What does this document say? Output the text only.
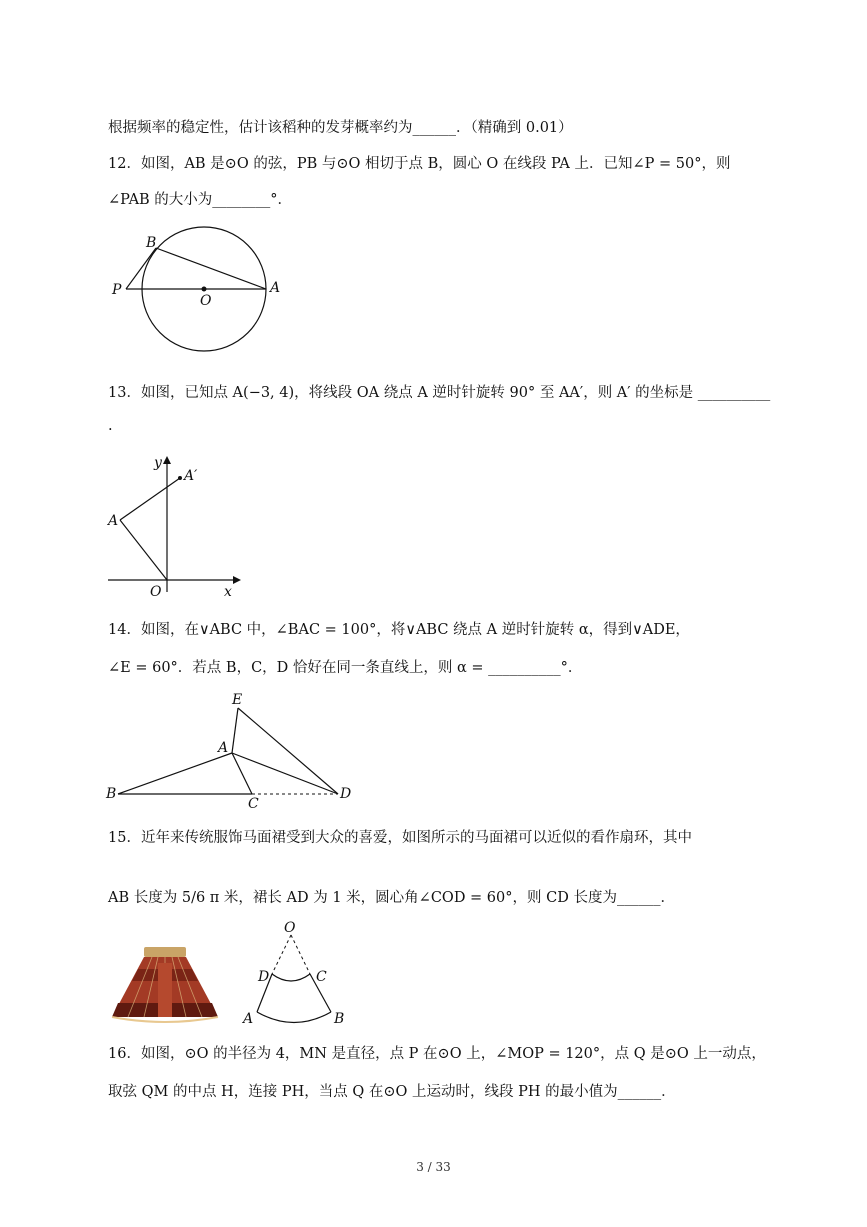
根据频率的稳定性，估计该稻种的发芽概率约为______．（精确到 0.01）
12．如图，AB 是⊙O 的弦，PB 与⊙O 相切于点 B，圆心 O 在线段 PA 上．已知∠P = 50°，则
∠PAB 的大小为________°．
B
P
O
A
13．如图，已知点 A(−3, 4)，将线段 OA 绕点 A 逆时针旋转 90° 至 AA′，则 A′ 的坐标是 __________
.
y
A′
A
O	x
14．如图，在∨ABC 中，∠BAC = 100°，将∨ABC 绕点 A 逆时针旋转 α，得到∨ADE，
∠E = 60°．若点 B，C，D 恰好在同一条直线上，则 α = __________°．
E
A
B
C
D
15．近年来传统服饰马面裙受到大众的喜爱，如图所示的马面裙可以近似的看作扇环，其中
AB 长度为 5/6 π 米，裙长 AD 为 1 米，圆心角∠COD = 60°，则 CD 长度为______．
O
D	C
A	B
16．如图，⊙O 的半径为 4，MN 是直径，点 P 在⊙O 上，∠MOP = 120°，点 Q 是⊙O 上一动点，
取弦 QM 的中点 H，连接 PH，当点 Q 在⊙O 上运动时，线段 PH 的最小值为______．
3 / 33
